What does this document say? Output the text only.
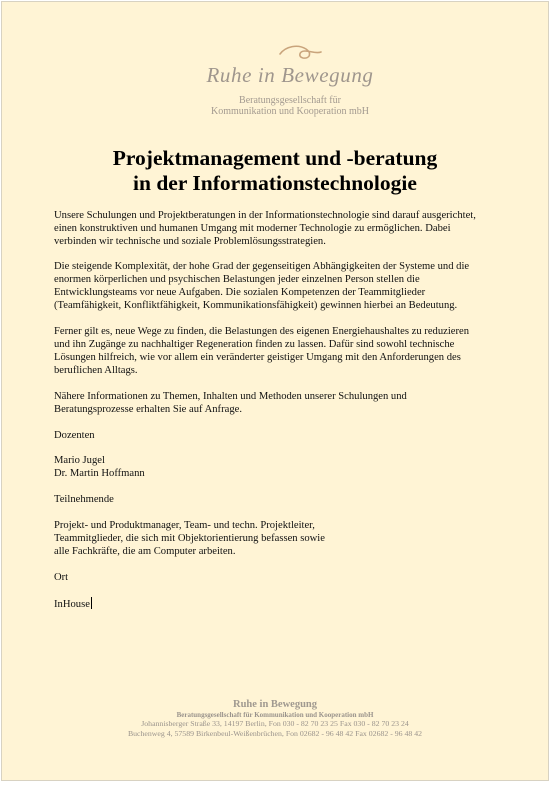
Ruhe in Bewegung
Beratungsgesellschaft für
Kommunikation und Kooperation mbH
Projektmanagement und -beratung
in der Informationstechnologie
Unsere Schulungen und Projektberatungen in der Informationstechnologie sind darauf ausgerichtet,
einen konstruktiven und humanen Umgang mit moderner Technologie zu ermöglichen. Dabei
verbinden wir technische und soziale Problemlösungsstrategien.
Die steigende Komplexität, der hohe Grad der gegenseitigen Abhängigkeiten der Systeme und die
enormen körperlichen und psychischen Belastungen jeder einzelnen Person stellen die
Entwicklungsteams vor neue Aufgaben. Die sozialen Kompetenzen der Teammitglieder
(Teamfähigkeit, Konfliktfähigkeit, Kommunikationsfähigkeit) gewinnen hierbei an Bedeutung.
Ferner gilt es, neue Wege zu finden, die Belastungen des eigenen Energiehaushaltes zu reduzieren
und ihn Zugänge zu nachhaltiger Regeneration finden zu lassen. Dafür sind sowohl technische
Lösungen hilfreich, wie vor allem ein veränderter geistiger Umgang mit den Anforderungen des
beruflichen Alltags.
Nähere Informationen zu Themen, Inhalten und Methoden unserer Schulungen und
Beratungsprozesse erhalten Sie auf Anfrage.
Dozenten
Mario Jugel
Dr. Martin Hoffmann
Teilnehmende
Projekt- und Produktmanager, Team- und techn. Projektleiter,
Teammitglieder, die sich mit Objektorientierung befassen sowie
alle Fachkräfte, die am Computer arbeiten.
Ort
InHouse
Ruhe in Bewegung
Beratungsgesellschaft für Kommunikation und Kooperation mbH
Johannisberger Straße 33, 14197 Berlin, Fon 030 - 82 70 23 25 Fax 030 - 82 70 23 24
Buchenweg 4, 57589 Birkenbeul-Weißenbrüchen, Fon 02682 - 96 48 42 Fax 02682 - 96 48 42
